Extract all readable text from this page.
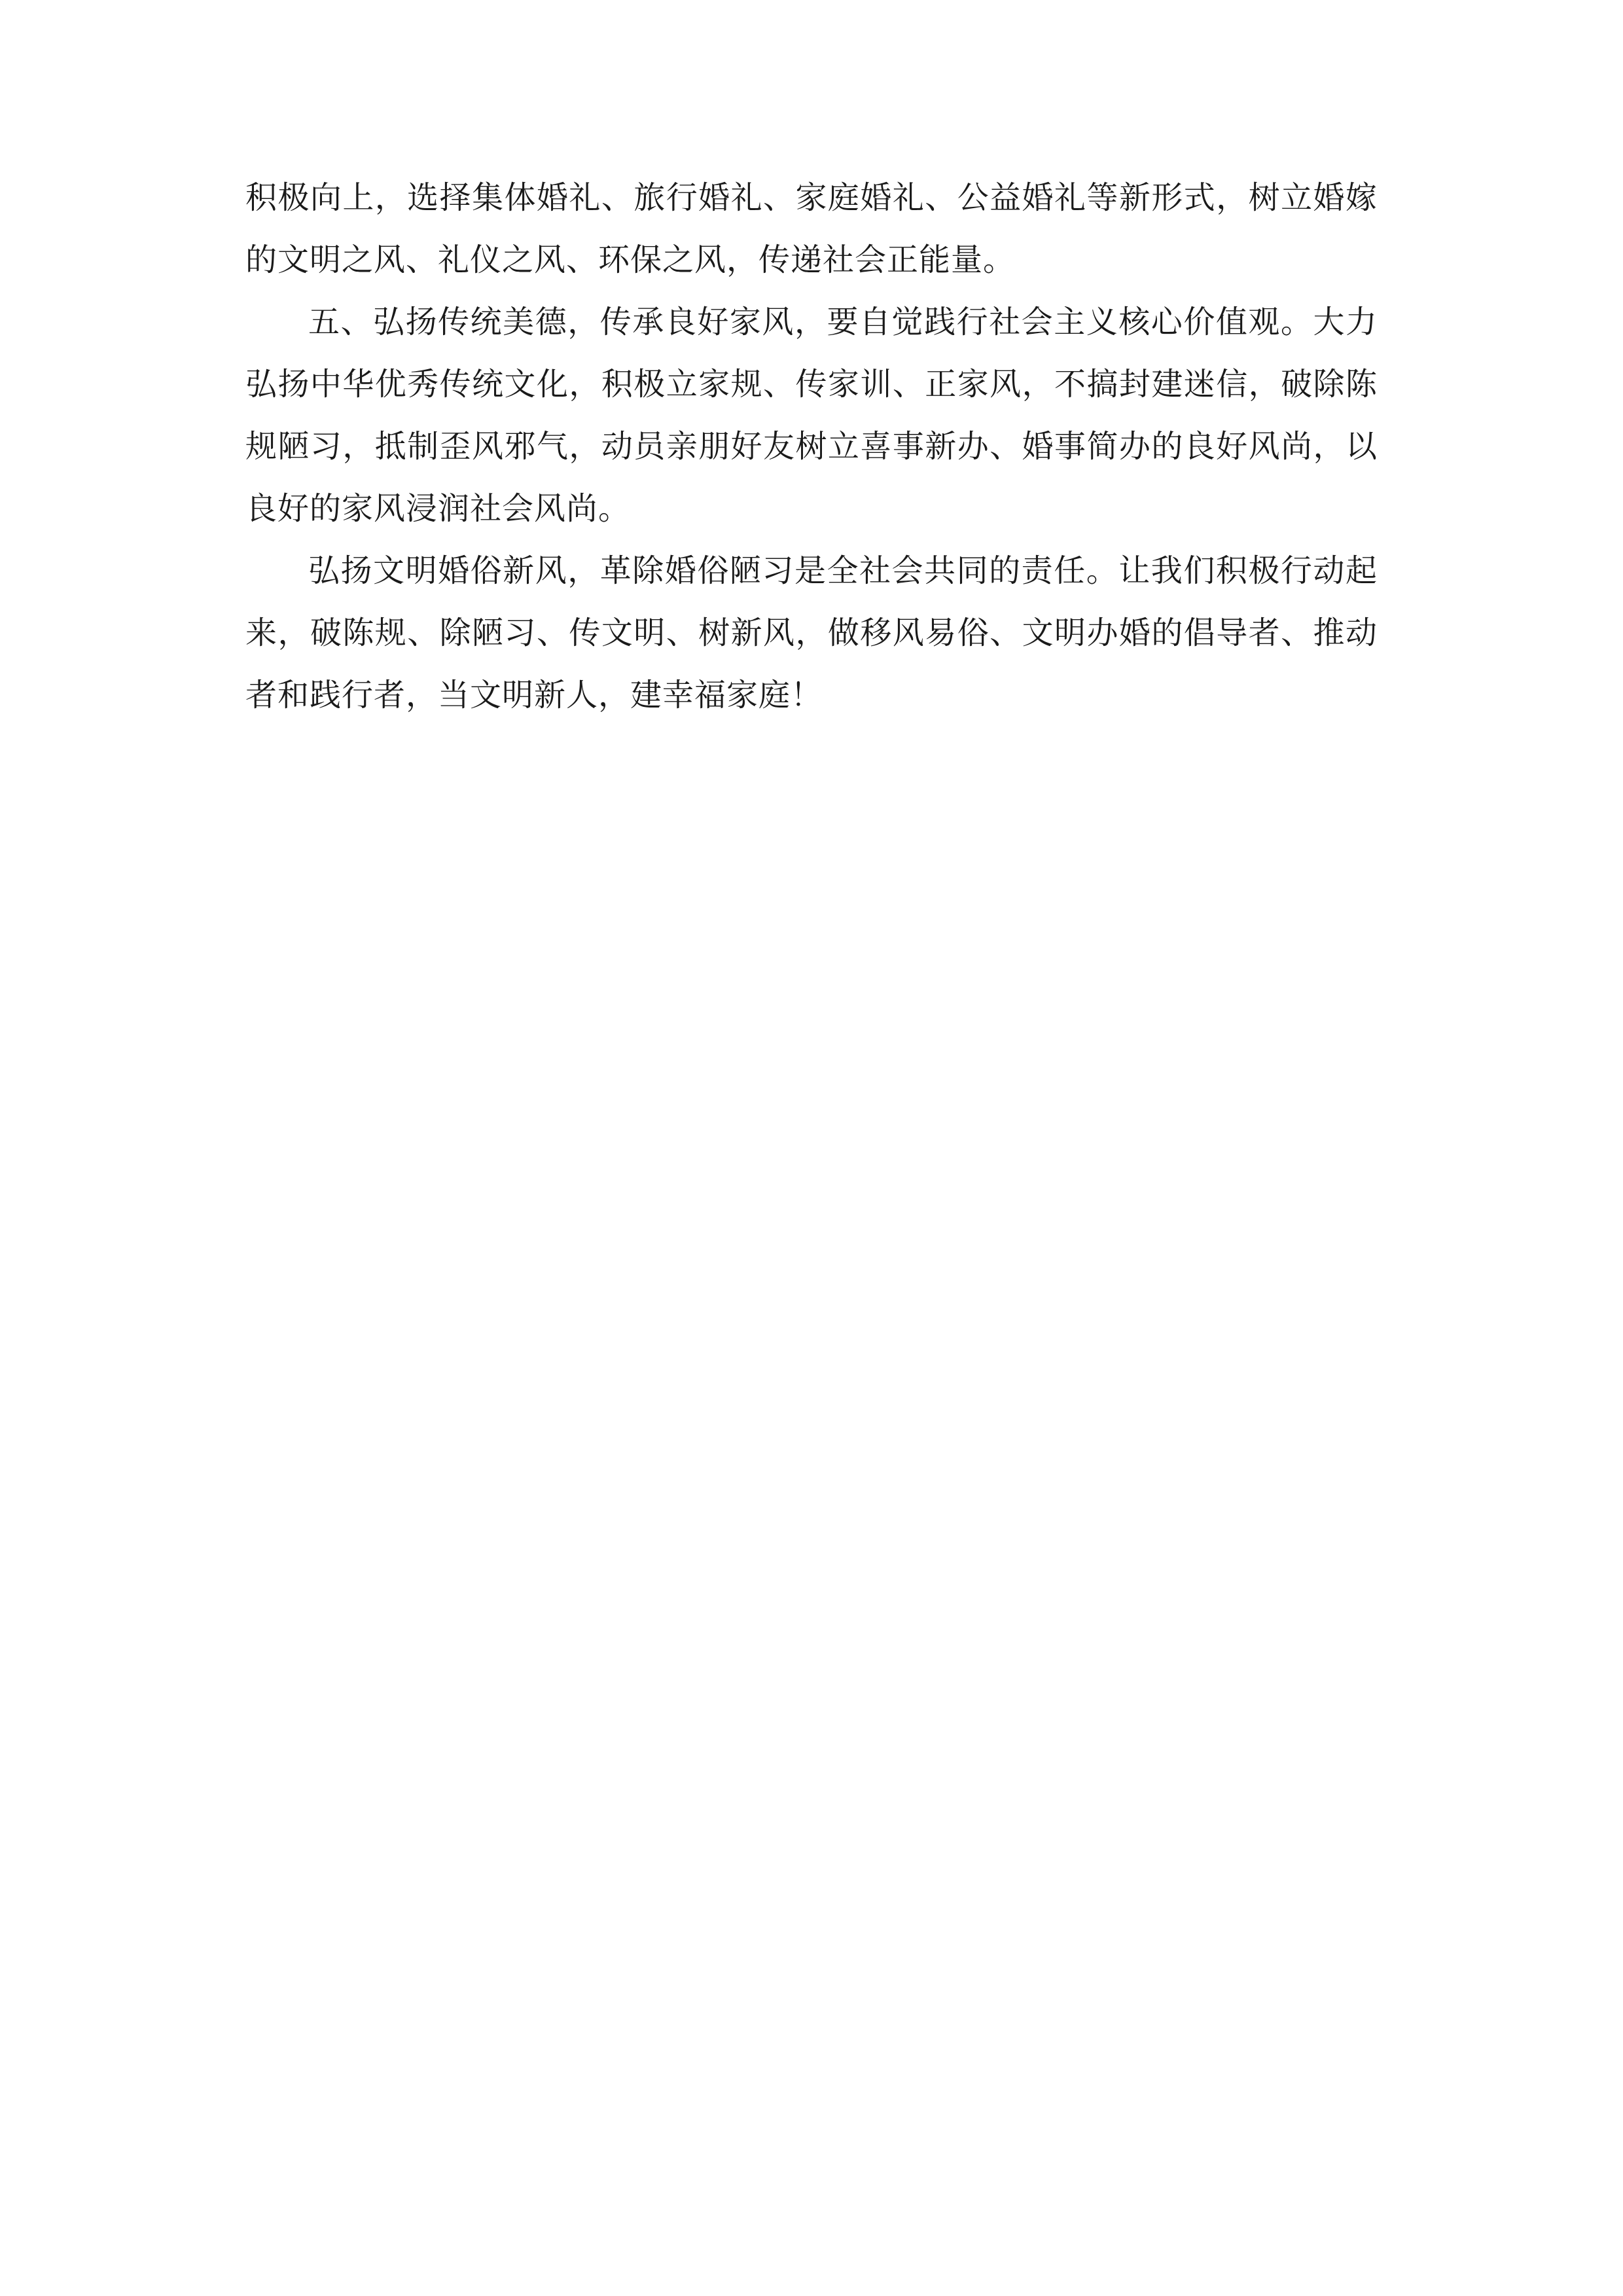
积极向上，选择集体婚礼、旅行婚礼、家庭婚礼、公益婚礼等新形式，树立婚嫁的文明之风、礼仪之风、环保之风，传递社会正能量。

五、弘扬传统美德，传承良好家风，要自觉践行社会主义核心价值观。大力弘扬中华优秀传统文化，积极立家规、传家训、正家风，不搞封建迷信，破除陈规陋习，抵制歪风邪气，动员亲朋好友树立喜事新办、婚事简办的良好风尚，以良好的家风浸润社会风尚。

弘扬文明婚俗新风，革除婚俗陋习是全社会共同的责任。让我们积极行动起来，破陈规、除陋习、传文明、树新风，做移风易俗、文明办婚的倡导者、推动者和践行者，当文明新人，建幸福家庭！
